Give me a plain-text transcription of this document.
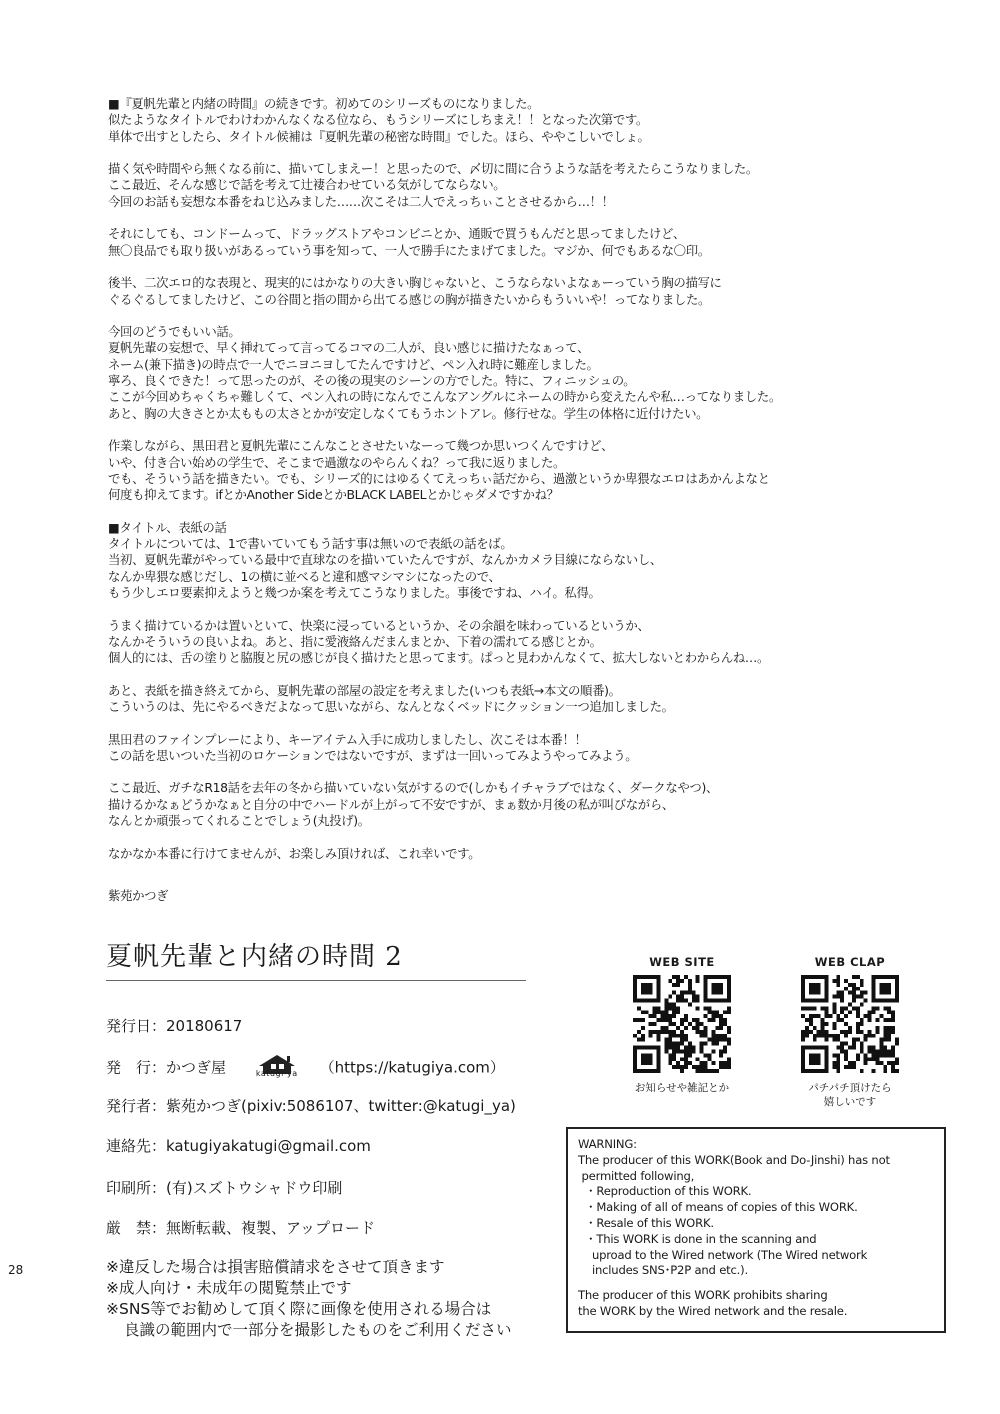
28

■『夏帆先輩と内緒の時間』の続きです。初めてのシリーズものになりました。
似たようなタイトルでわけわかんなくなる位なら、もうシリーズにしちまえ！！となった次第です。
単体で出すとしたら、タイトル候補は『夏帆先輩の秘密な時間』でした。ほら、ややこしいでしょ。

描く気や時間やら無くなる前に、描いてしまえー！と思ったので、〆切に間に合うような話を考えたらこうなりました。
ここ最近、そんな感じで話を考えて辻褄合わせている気がしてならない。
今回のお話も妄想な本番をねじ込みました……次こそは二人でえっちぃことさせるから…！！

それにしても、コンドームって、ドラッグストアやコンビニとか、通販で買うもんだと思ってましたけど、
無〇良品でも取り扱いがあるっていう事を知って、一人で勝手にたまげてました。マジか、何でもあるな〇印。

後半、二次エロ的な表現と、現実的にはかなりの大きい胸じゃないと、こうならないよなぁーっていう胸の描写に
ぐるぐるしてましたけど、この谷間と指の間から出てる感じの胸が描きたいからもういいや！ってなりました。

今回のどうでもいい話。
夏帆先輩の妄想で、早く挿れてって言ってるコマの二人が、良い感じに描けたなぁって、
ネーム(兼下描き)の時点で一人でニヨニヨしてたんですけど、ペン入れ時に難産しました。
寧ろ、良くできた！って思ったのが、その後の現実のシーンの方でした。特に、フィニッシュの。
ここが今回めちゃくちゃ難しくて、ペン入れの時になんでこんなアングルにネームの時から変えたんや私…ってなりました。
あと、胸の大きさとか太ももの太さとかが安定しなくてもうホントアレ。修行せな。学生の体格に近付けたい。

作業しながら、黒田君と夏帆先輩にこんなことさせたいなーって幾つか思いつくんですけど、
いや、付き合い始めの学生で、そこまで過激なのやらんくね？って我に返りました。
でも、そういう話を描きたい。でも、シリーズ的にはゆるくてえっちぃ話だから、過激というか卑猥なエロはあかんよなと
何度も抑えてます。ifとかAnother SideとかBLACK LABELとかじゃダメですかね？

■タイトル、表紙の話
タイトルについては、1で書いていてもう話す事は無いので表紙の話をば。
当初、夏帆先輩がやっている最中で直球なのを描いていたんですが、なんかカメラ目線にならないし、
なんか卑猥な感じだし、1の横に並べると違和感マシマシになったので、
もう少しエロ要素抑えようと幾つか案を考えてこうなりました。事後ですね、ハイ。私得。

うまく描けているかは置いといて、快楽に浸っているというか、その余韻を味わっているというか、
なんかそういうの良いよね。あと、指に愛液絡んだまんまとか、下着の濡れてる感じとか。
個人的には、舌の塗りと脇腹と尻の感じが良く描けたと思ってます。ぱっと見わかんなくて、拡大しないとわからんね…。

あと、表紙を描き終えてから、夏帆先輩の部屋の設定を考えました(いつも表紙→本文の順番)。
こういうのは、先にやるべきだよなって思いながら、なんとなくベッドにクッション一つ追加しました。

黒田君のファインプレーにより、キーアイテム入手に成功しましたし、次こそは本番！！
この話を思いついた当初のロケーションではないですが、まずは一回いってみようやってみよう。

ここ最近、ガチなR18話を去年の冬から描いていない気がするので(しかもイチャラブではなく、ダークなやつ)、
描けるかなぁどうかなぁと自分の中でハードルが上がって不安ですが、まぁ数か月後の私が叫びながら、
なんとか頑張ってくれることでしょう(丸投げ)。

なかなか本番に行けてませんが、お楽しみ頂ければ、これ幸いです。

紫苑かつぎ

夏帆先輩と内緒の時間 2
発行日：20180617
発　行：かつぎ屋	katugi-ya	（https://katugiya.com）
発行者：紫苑かつぎ(pixiv:5086107、twitter:@katugi_ya)
連絡先：katugiyakatugi@gmail.com
印刷所：(有)スズトウシャドウ印刷
厳　禁：無断転載、複製、アップロード
※違反した場合は損害賠償請求をさせて頂きます
※成人向け・未成年の閲覧禁止です
※SNS等でお勧めして頂く際に画像を使用される場合は
良識の範囲内で一部分を撮影したものをご利用ください
WEB SITE
お知らせや雑記とか
WEB CLAP
パチパチ頂けたら
嬉しいです
WARNING:
The producer of this WORK(Book and Do-Jinshi) has not
permitted following,
・Reproduction of this WORK.
・Making of all of means of copies of this WORK.
・Resale of this WORK.
・This WORK is done in the scanning and
uproad to the Wired network (The Wired network
includes SNS･P2P and etc.).
The producer of this WORK prohibits sharing
the WORK by the Wired network and the resale.
